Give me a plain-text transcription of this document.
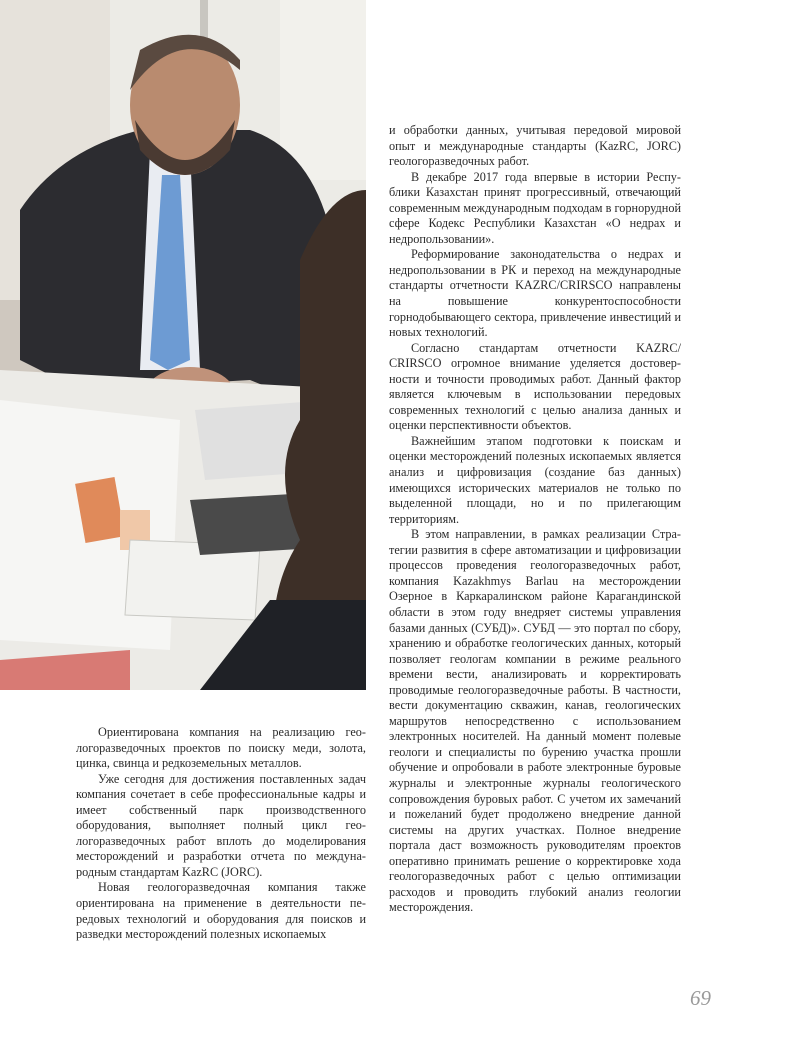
Ориентирована компания на реализацию геологоразведочных проектов по поиску меди, золота, цинка, свинца и редкоземельных металлов.

Уже сегодня для достижения поставленных задач компания сочетает в себе профессиональные кадры и имеет собственный парк производственного оборудования, выполняет полный цикл геологоразведочных работ вплоть до моделирования месторождений и разработки отчета по международным стандартам KazRC (JORC).

Новая геологоразведочная компания также ориентирована на применение в деятельности передовых технологий и оборудования для поисков и разведки месторождений полезных ископаемых

и обработки данных, учитывая передовой мировой опыт и международные стандарты (KazRC, JORC) геологоразведочных работ.

В декабре 2017 года впервые в истории Республики Казахстан принят прогрессивный, отвечающий современным международным подходам в горнорудной сфере Кодекс Республики Казахстан «О недрах и недропользовании».

Реформирование законодательства о недрах и недропользовании в РК и переход на международные стандарты отчетности KAZRC/CRIRSCO направлены на повышение конкурентоспособности горнодобывающего сектора, привлечение инвестиций и новых технологий.

Согласно стандартам отчетности KAZRC/ CRIRSCO огромное внимание уделяется достоверности и точности проводимых работ. Данный фактор является ключевым в использовании передовых современных технологий с целью анализа данных и оценки перспективности объектов.

Важнейшим этапом подготовки к поискам и оценки месторождений полезных ископаемых является анализ и цифровизация (создание баз данных) имеющихся исторических материалов не только по выделенной площади, но и по прилегающим территориям.

В этом направлении, в рамках реализации Стратегии развития в сфере автоматизации и цифровизации процессов проведения геологоразведочных работ, компания Kazakhmys Barlau на месторождении Озерное в Каркаралинском районе Карагандинской области в этом году внедряет системы управления базами данных (СУБД)». СУБД — это портал по сбору, хранению и обработке геологических данных, который позволяет геологам компании в режиме реального времени вести, анализировать и корректировать проводимые геологоразведочные работы. В частности, вести документацию скважин, канав, геологических маршрутов непосредственно с использованием электронных носителей. На данный момент полевые геологи и специалисты по бурению участка прошли обучение и опробовали в работе электронные буровые журналы и электронные журналы геологического сопровождения буровых работ. С учетом их замечаний и пожеланий будет продолжено внедрение данной системы на других участках. Полное внедрение портала даст возможность руководителям проектов оперативно принимать решение о корректировке хода геологоразведочных работ с целью оптимизации расходов и проводить глубокий анализ геологии месторождения.

69
